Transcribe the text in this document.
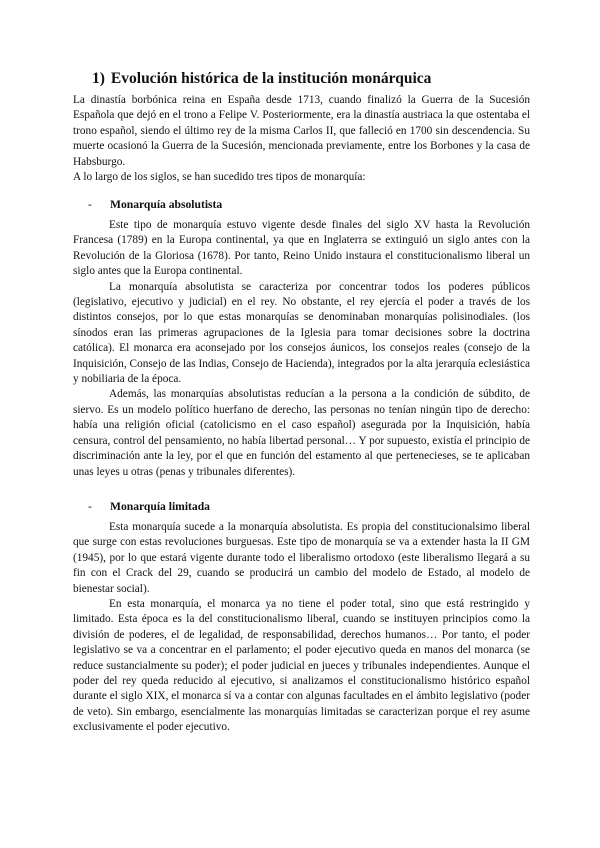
1) Evolución histórica de la institución monárquica

La dinastía borbónica reina en España desde 1713, cuando finalizó la Guerra de la Sucesión Española que dejó en el trono a Felipe V. Posteriormente, era la dinastía austriaca la que ostentaba el trono español, siendo el último rey de la misma Carlos II, que falleció en 1700 sin descendencia. Su muerte ocasionó la Guerra de la Sucesión, mencionada previamente, entre los Borbones y la casa de Habsburgo.

A lo largo de los siglos, se han sucedido tres tipos de monarquía:

- Monarquía absolutista

Este tipo de monarquía estuvo vigente desde finales del siglo XV hasta la Revolución Francesa (1789) en la Europa continental, ya que en Inglaterra se extinguió un siglo antes con la Revolución de la Gloriosa (1678). Por tanto, Reino Unido instaura el constitucionalismo liberal un siglo antes que la Europa continental.

La monarquía absolutista se caracteriza por concentrar todos los poderes públicos (legislativo, ejecutivo y judicial) en el rey. No obstante, el rey ejercía el poder a través de los distintos consejos, por lo que estas monarquías se denominaban monarquías polisinodiales. (los sínodos eran las primeras agrupaciones de la Iglesia para tomar decisiones sobre la doctrina católica). El monarca era aconsejado por los consejos áunicos, los consejos reales (consejo de la Inquisición, Consejo de las Indias, Consejo de Hacienda), integrados por la alta jerarquía eclesiástica y nobiliaria de la época.

Además, las monarquías absolutistas reducían a la persona a la condición de súbdito, de siervo. Es un modelo político huerfano de derecho, las personas no tenían ningún tipo de derecho: había una religión oficial (catolicismo en el caso español) asegurada por la Inquisición, había censura, control del pensamiento, no había libertad personal… Y por supuesto, existía el principio de discriminación ante la ley, por el que en función del estamento al que pertenecieses, se te aplicaban unas leyes u otras (penas y tribunales diferentes).

- Monarquía limitada

Esta monarquía sucede a la monarquía absolutista. Es propia del constitucionalsimo liberal que surge con estas revoluciones burguesas. Este tipo de monarquía se va a extender hasta la II GM (1945), por lo que estará vigente durante todo el liberalismo ortodoxo (este liberalismo llegará a su fin con el Crack del 29, cuando se producirá un cambio del modelo de Estado, al modelo de bienestar social).

En esta monarquía, el monarca ya no tiene el poder total, sino que está restringido y limitado. Esta época es la del constitucionalismo liberal, cuando se instituyen principios como la división de poderes, el de legalidad, de responsabilidad, derechos humanos… Por tanto, el poder legislativo se va a concentrar en el parlamento; el poder ejecutivo queda en manos del monarca (se reduce sustancialmente su poder); el poder judicial en jueces y tribunales independientes. Aunque el poder del rey queda reducido al ejecutivo, si analizamos el constitucionalismo histórico español durante el siglo XIX, el monarca sí va a contar con algunas facultades en el ámbito legislativo (poder de veto). Sin embargo, esencialmente las monarquías limitadas se caracterizan porque el rey asume exclusivamente el poder ejecutivo.
